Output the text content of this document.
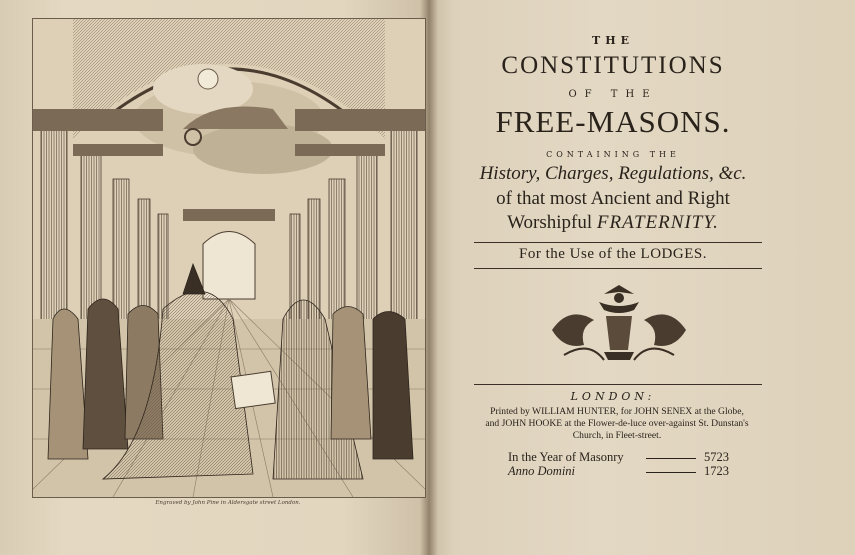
Engraved by John Pine in Aldersgate street London.
THE
CONSTITUTIONS
OF THE
FREE-MASONS.
CONTAINING THE
History, Charges, Regulations, &c.
of that most Ancient and Right
Worshipful FRATERNITY.
For the Use of the LODGES.
LONDON:
Printed by WILLIAM HUNTER, for JOHN SENEX at the Globe,
and JOHN HOOKE at the Flower-de-luce over-against St. Dunstan's
Church, in Fleet-street.
In the Year of Masonry	5723
Anno Domini	1723
